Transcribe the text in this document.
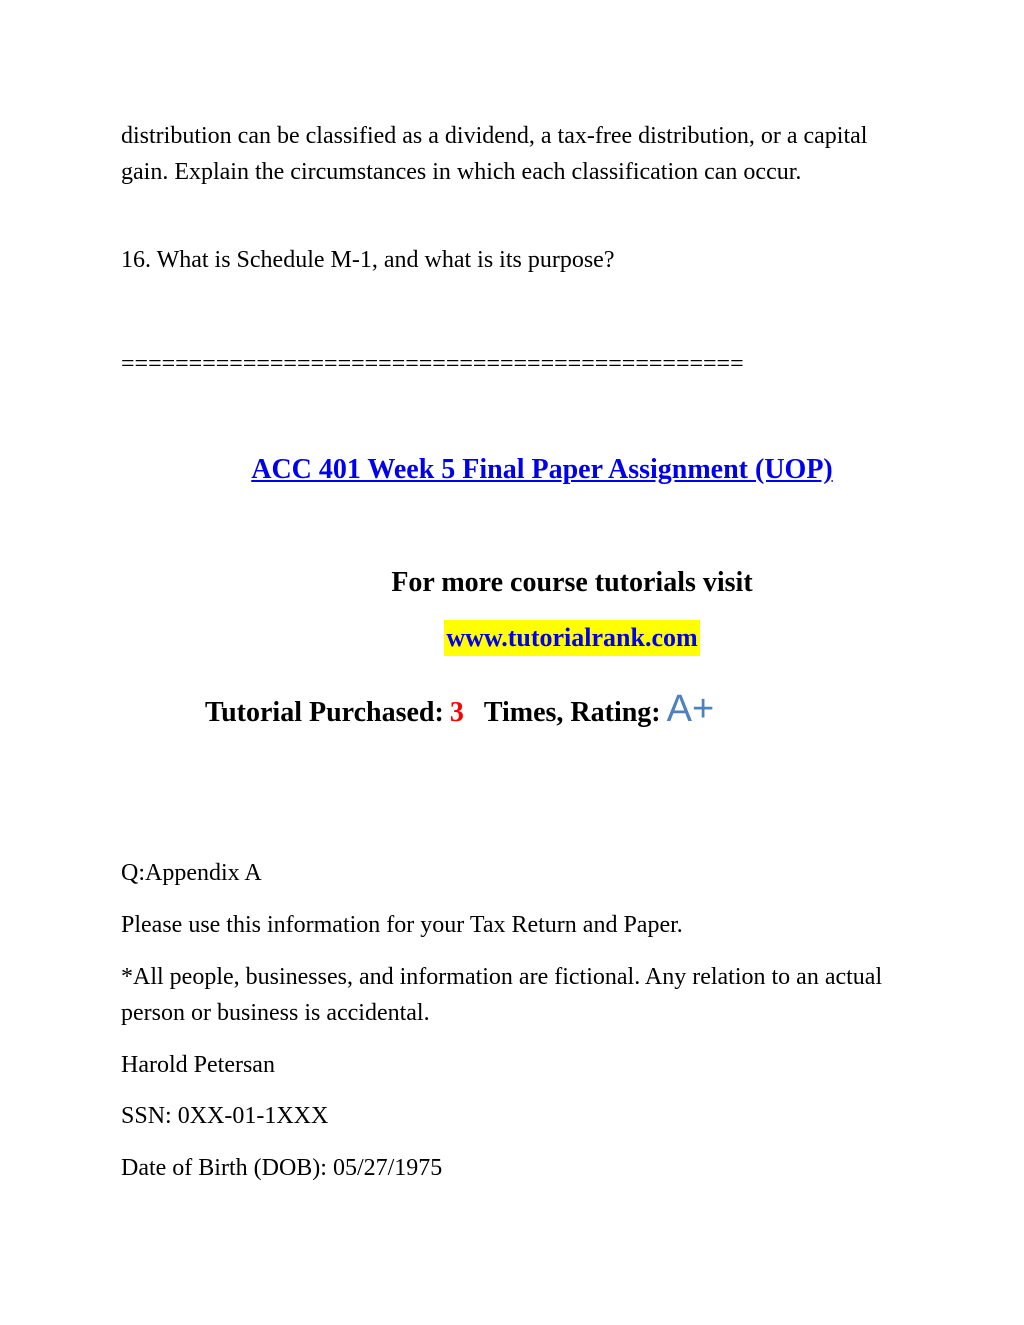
distribution can be classified as a dividend, a tax-free distribution, or a capital gain. Explain the circumstances in which each classification can occur.

16. What is Schedule M-1, and what is its purpose?

==============================================

ACC 401 Week 5 Final Paper Assignment (UOP)
For more course tutorials visit
www.tutorialrank.com
Tutorial Purchased: 3 Times, Rating: A+

Q:Appendix A

Please use this information for your Tax Return and Paper.

*All people, businesses, and information are fictional. Any relation to an actual person or business is accidental.

Harold Petersan

SSN: 0XX-01-1XXX

Date of Birth (DOB): 05/27/1975
